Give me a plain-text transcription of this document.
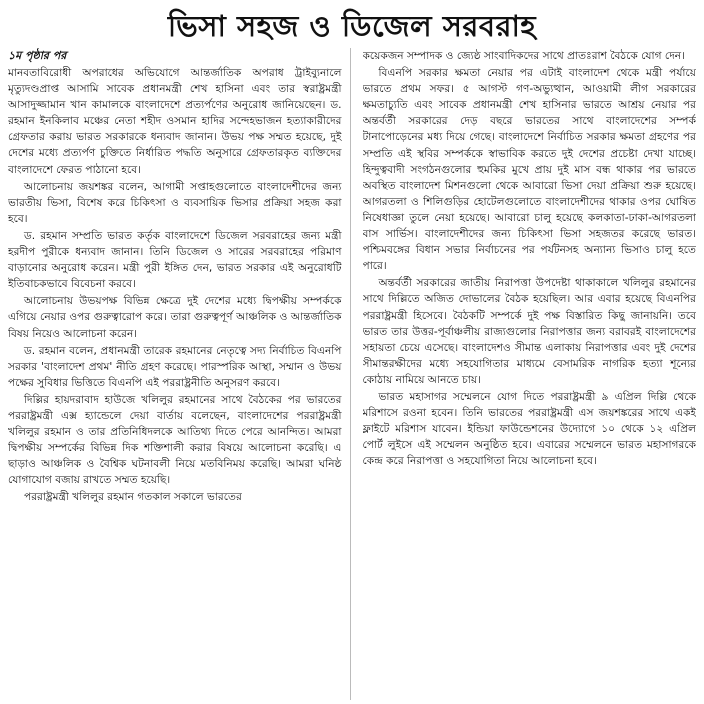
ভিসা সহজ ও ডিজেল সরবরাহ
১ম পৃষ্ঠার পর

মানবতাবিরোধী অপরাধের অভিযোগে আন্তর্জাতিক অপরাধ ট্রাইব্যুনালে মৃত্যুদণ্ডপ্রাপ্ত আসামি সাবেক প্রধানমন্ত্রী শেখ হাসিনা এবং তার স্বরাষ্ট্রমন্ত্রী আসাদুজ্জামান খান কামালকে বাংলাদেশে প্রত্যর্পণের অনুরোধ জানিয়েছেন। ড. রহমান ইনকিলাব মঞ্চের নেতা শহীদ ওসমান হাদির সন্দেহভাজন হত্যাকারীদের গ্রেফতার করায় ভারত সরকারকে ধন্যবাদ জানান। উভয় পক্ষ সম্মত হয়েছে, দুই দেশের মধ্যে প্রত্যর্পণ চুক্তিতে নির্ধারিত পদ্ধতি অনুসারে গ্রেফতারকৃত ব্যক্তিদের বাংলাদেশে ফেরত পাঠানো হবে।

আলোচনায় জয়শঙ্কর বলেন, আগামী সপ্তাহগুলোতে বাংলাদেশীদের জন্য ভারতীয় ভিসা, বিশেষ করে চিকিৎসা ও ব্যবসায়িক ভিসার প্রক্রিয়া সহজ করা হবে।

ড. রহমান সম্প্রতি ভারত কর্তৃক বাংলাদেশে ডিজেল সরবরাহের জন্য মন্ত্রী হরদীপ পুরীকে ধন্যবাদ জানান। তিনি ডিজেল ও সারের সরবরাহের পরিমাণ বাড়ানোর অনুরোধ করেন। মন্ত্রী পুরী ইঙ্গিত দেন, ভারত সরকার এই অনুরোধটি ইতিবাচকভাবে বিবেচনা করবে।

আলোচনায় উভয়পক্ষ বিভিন্ন ক্ষেত্রে দুই দেশের মধ্যে দ্বিপক্ষীয় সম্পর্ককে এগিয়ে নেয়ার ওপর গুরুত্বারোপ করে। তারা গুরুত্বপূর্ণ আঞ্চলিক ও আন্তর্জাতিক বিষয় নিয়েও আলোচনা করেন।

ড. রহমান বলেন, প্রধানমন্ত্রী তারেক রহমানের নেতৃত্বে সদ্য নির্বাচিত বিএনপি সরকার 'বাংলাদেশ প্রথম' নীতি গ্রহণ করেছে। পারস্পরিক আস্থা, সম্মান ও উভয় পক্ষের সুবিধার ভিত্তিতে বিএনপি এই পররাষ্ট্রনীতি অনুসরণ করবে।

দিল্লির হায়দরাবাদ হাউজে খলিলুর রহমানের সাথে বৈঠকের পর ভারতের পররাষ্ট্রমন্ত্রী এক্স হ্যান্ডেলে দেয়া বার্তায় বলেছেন, বাংলাদেশের পররাষ্ট্রমন্ত্রী খলিলুর রহমান ও তার প্রতিনিধিদলকে আতিথ্য দিতে পেরে আনন্দিত। আমরা দ্বিপক্ষীয় সম্পর্কের বিভিন্ন দিক শক্তিশালী করার বিষয়ে আলোচনা করেছি। এ ছাড়াও আঞ্চলিক ও বৈশ্বিক ঘটনাবলী নিয়ে মতবিনিময় করেছি। আমরা ঘনিষ্ঠ যোগাযোগ বজায় রাখতে সম্মত হয়েছি।

পররাষ্ট্রমন্ত্রী খলিলুর রহমান গতকাল সকালে ভারতের

কয়েকজন সম্পাদক ও জ্যেষ্ঠ সাংবাদিকদের সাথে প্রাতঃরাশ বৈঠকে যোগ দেন।

বিএনপি সরকার ক্ষমতা নেয়ার পর এটাই বাংলাদেশ থেকে মন্ত্রী পর্যায়ে ভারতে প্রথম সফর। ৫ আগস্ট গণ-অভ্যুত্থান, আওয়ামী লীগ সরকারের ক্ষমতাচ্যুতি এবং সাবেক প্রধানমন্ত্রী শেখ হাসিনার ভারতে আশ্রয় নেয়ার পর অন্তর্বর্তী সরকারের দেড় বছরে ভারতের সাথে বাংলাদেশের সম্পর্ক টানাপোড়েনের মধ্য দিয়ে গেছে। বাংলাদেশে নির্বাচিত সরকার ক্ষমতা গ্রহণের পর সম্প্রতি এই স্থবির সম্পর্ককে স্বাভাবিক করতে দুই দেশের প্রচেষ্টা দেখা যাচ্ছে। হিন্দুত্ববাদী সংগঠনগুলোর হুমকির মুখে প্রায় দুই মাস বন্ধ থাকার পর ভারতে অবস্থিত বাংলাদেশ মিশনগুলো থেকে আবারো ভিসা দেয়া প্রক্রিয়া শুরু হয়েছে। আগরতলা ও শিলিগুড়ির হোটেলগুলোতে বাংলাদেশীদের থাকার ওপর ঘোষিত নিষেধাজ্ঞা তুলে নেয়া হয়েছে। আবারো চালু হয়েছে কলকাতা-ঢাকা-আগরতলা বাস সার্ভিস। বাংলাদেশীদের জন্য চিকিৎসা ভিসা সহজতর করেছে ভারত। পশ্চিমবঙ্গের বিধান সভার নির্বাচনের পর পর্যটনসহ অন্যান্য ভিসাও চালু হতে পারে।

অন্তর্বর্তী সরকারের জাতীয় নিরাপত্তা উপদেষ্টা থাকাকালে খলিলুর রহমানের সাথে দিল্লিতে অজিত দোভালের বৈঠক হয়েছিল। আর এবার হয়েছে বিএনপির পররাষ্ট্রমন্ত্রী হিসেবে। বৈঠকটি সম্পর্কে দুই পক্ষ বিস্তারিত কিছু জানায়নি। তবে ভারত তার উত্তর-পূর্বাঞ্চলীয় রাজ্যগুলোর নিরাপত্তার জন্য বরাবরই বাংলাদেশের সহায়তা চেয়ে এসেছে। বাংলাদেশও সীমান্ত এলাকায় নিরাপত্তার এবং দুই দেশের সীমান্তরক্ষীদের মধ্যে সহযোগিতার মাধ্যমে বেসামরিক নাগরিক হত্যা শূন্যের কোঠায় নামিয়ে আনতে চায়।

ভারত মহাসাগর সম্মেলনে যোগ দিতে পররাষ্ট্রমন্ত্রী ৯ এপ্রিল দিল্লি থেকে মরিশাসে রওনা হবেন। তিনি ভারতের পররাষ্ট্রমন্ত্রী এস জয়শঙ্করের সাথে একই ফ্লাইটে মরিশাস যাবেন। ইন্ডিয়া ফাউন্ডেশনের উদ্যোগে ১০ থেকে ১২ এপ্রিল পোর্ট লুইসে এই সম্মেলন অনুষ্ঠিত হবে। এবারের সম্মেলনে ভারত মহাসাগরকে কেন্দ্র করে নিরাপত্তা ও সহযোগিতা নিয়ে আলোচনা হবে।
